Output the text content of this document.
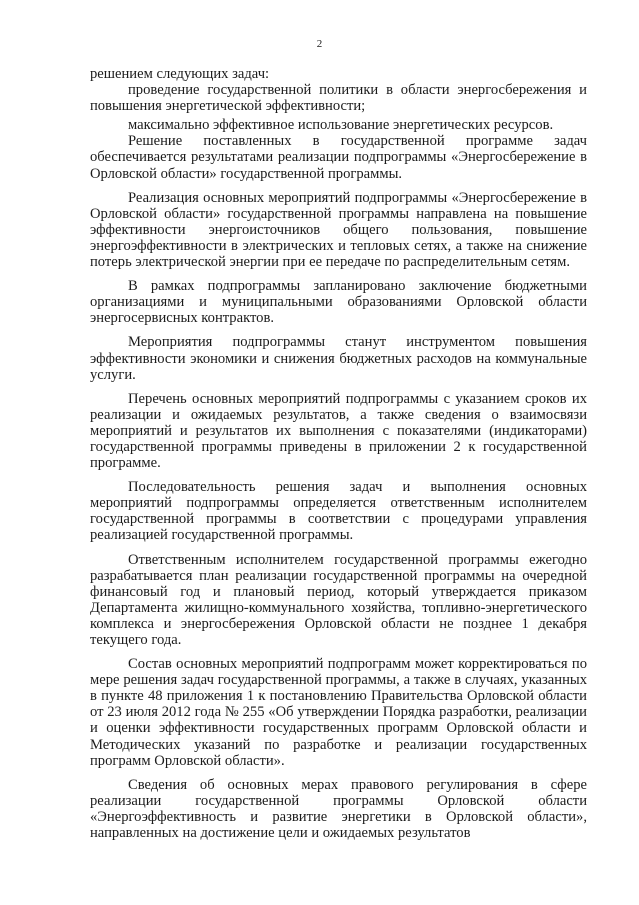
2

решением следующих задач:

проведение государственной политики в области энергосбережения и повышения энергетической эффективности;

максимально эффективное использование энергетических ресурсов.

Решение поставленных в государственной программе задач обеспечивается результатами реализации подпрограммы «Энергосбережение в Орловской области» государственной программы.

Реализация основных мероприятий подпрограммы «Энергосбережение в Орловской области» государственной программы направлена на повышение эффективности энергоисточников общего пользования, повышение энергоэффективности в электрических и тепловых сетях, а также на снижение потерь электрической энергии при ее передаче по распределительным сетям.

В рамках подпрограммы запланировано заключение бюджетными организациями и муниципальными образованиями Орловской области энергосервисных контрактов.

Мероприятия подпрограммы станут инструментом повышения эффективности экономики и снижения бюджетных расходов на коммунальные услуги.

Перечень основных мероприятий подпрограммы с указанием сроков их реализации и ожидаемых результатов, а также сведения о взаимосвязи мероприятий и результатов их выполнения с показателями (индикаторами) государственной программы приведены в приложении 2 к государственной программе.

Последовательность решения задач и выполнения основных мероприятий подпрограммы определяется ответственным исполнителем государственной программы в соответствии с процедурами управления реализацией государственной программы.

Ответственным исполнителем государственной программы ежегодно разрабатывается план реализации государственной программы на очередной финансовый год и плановый период, который утверждается приказом Департамента жилищно-коммунального хозяйства, топливно-энергетического комплекса и энергосбережения Орловской области не позднее 1 декабря текущего года.

Состав основных мероприятий подпрограмм может корректироваться по мере решения задач государственной программы, а также в случаях, указанных в пункте 48 приложения 1 к постановлению Правительства Орловской области от 23 июля 2012 года № 255 «Об утверждении Порядка разработки, реализации и оценки эффективности государственных программ Орловской области и Методических указаний по разработке и реализации государственных программ Орловской области».

Сведения об основных мерах правового регулирования в сфере реализации государственной программы Орловской области «Энергоэффективность и развитие энергетики в Орловской области», направленных на достижение цели и ожидаемых результатов
